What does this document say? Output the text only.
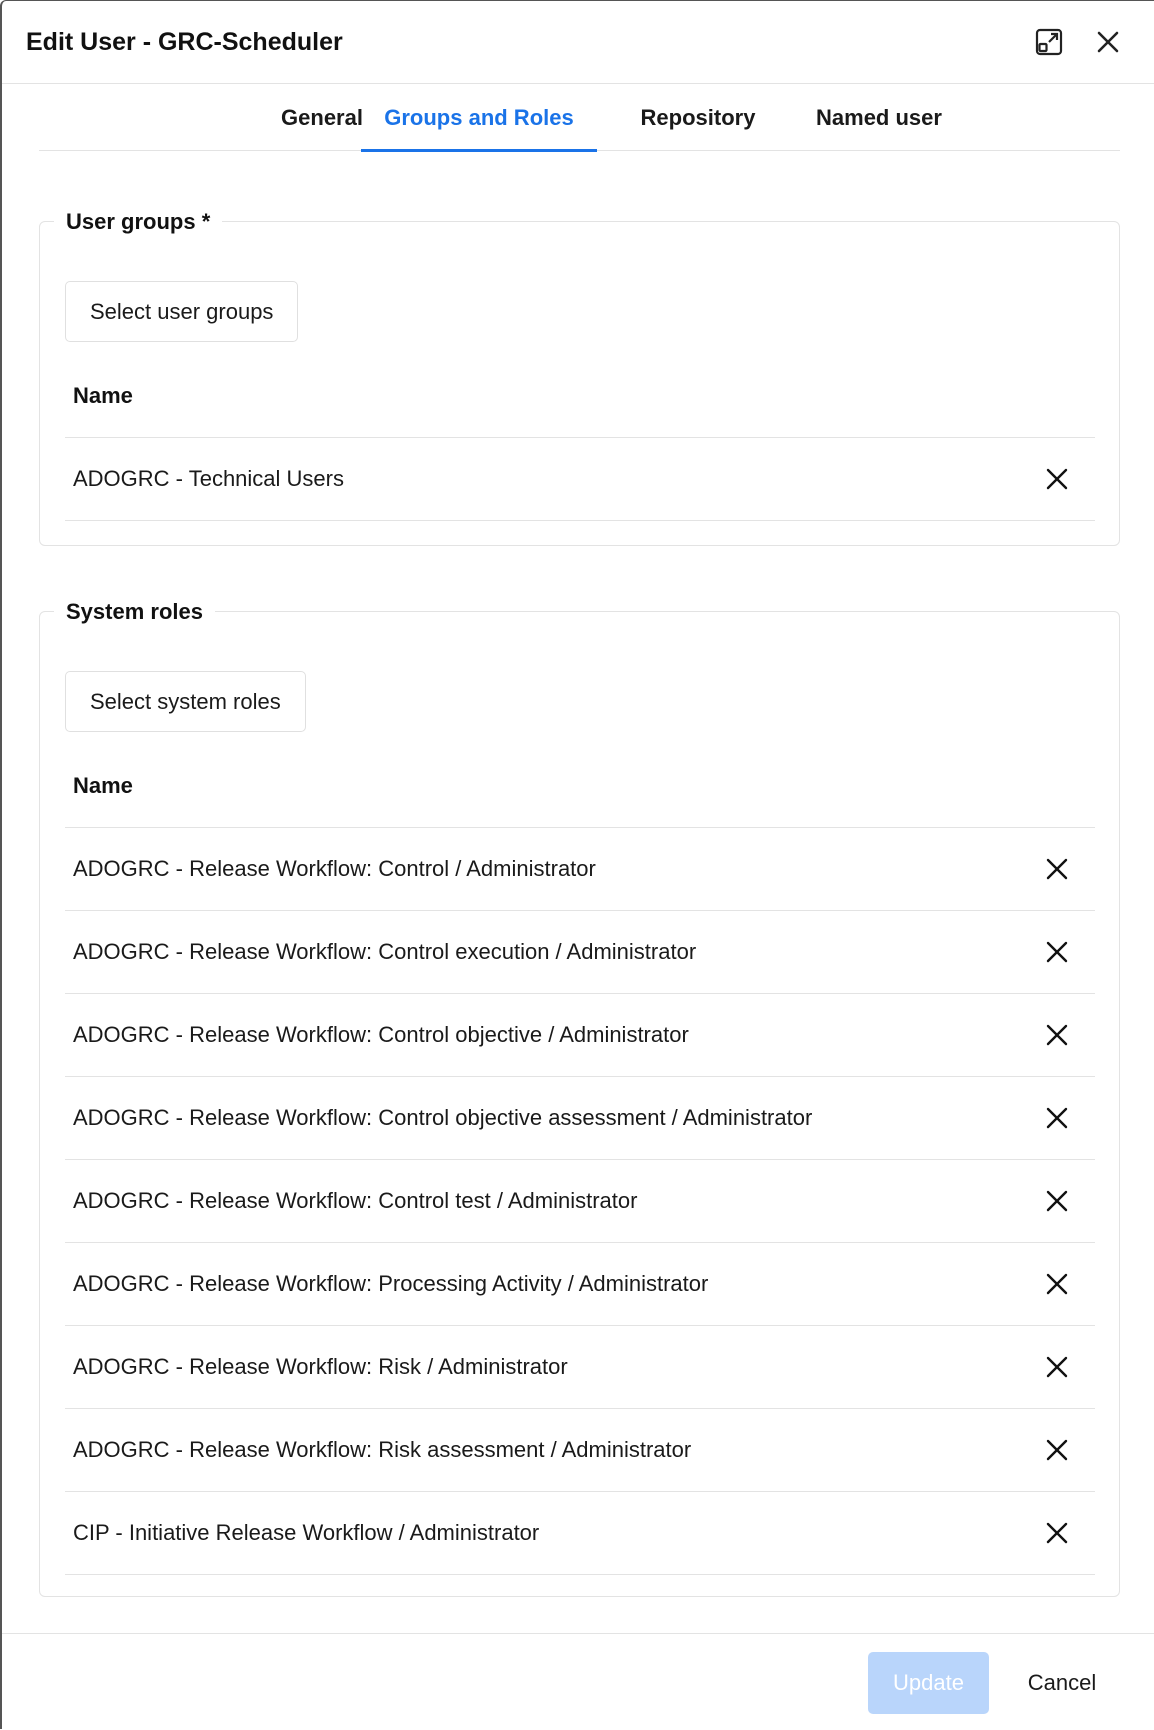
Edit User - GRC-Scheduler
General Groups and Roles	Repository	Named user
User groups *
Select user groups
Name
ADOGRC - Technical Users
System roles
Select system roles
Name
ADOGRC - Release Workflow: Control / Administrator
ADOGRC - Release Workflow: Control execution / Administrator
ADOGRC - Release Workflow: Control objective / Administrator
ADOGRC - Release Workflow: Control objective assessment / Administrator
ADOGRC - Release Workflow: Control test / Administrator
ADOGRC - Release Workflow: Processing Activity / Administrator
ADOGRC - Release Workflow: Risk / Administrator
ADOGRC - Release Workflow: Risk assessment / Administrator
CIP - Initiative Release Workflow / Administrator
Update	Cancel
